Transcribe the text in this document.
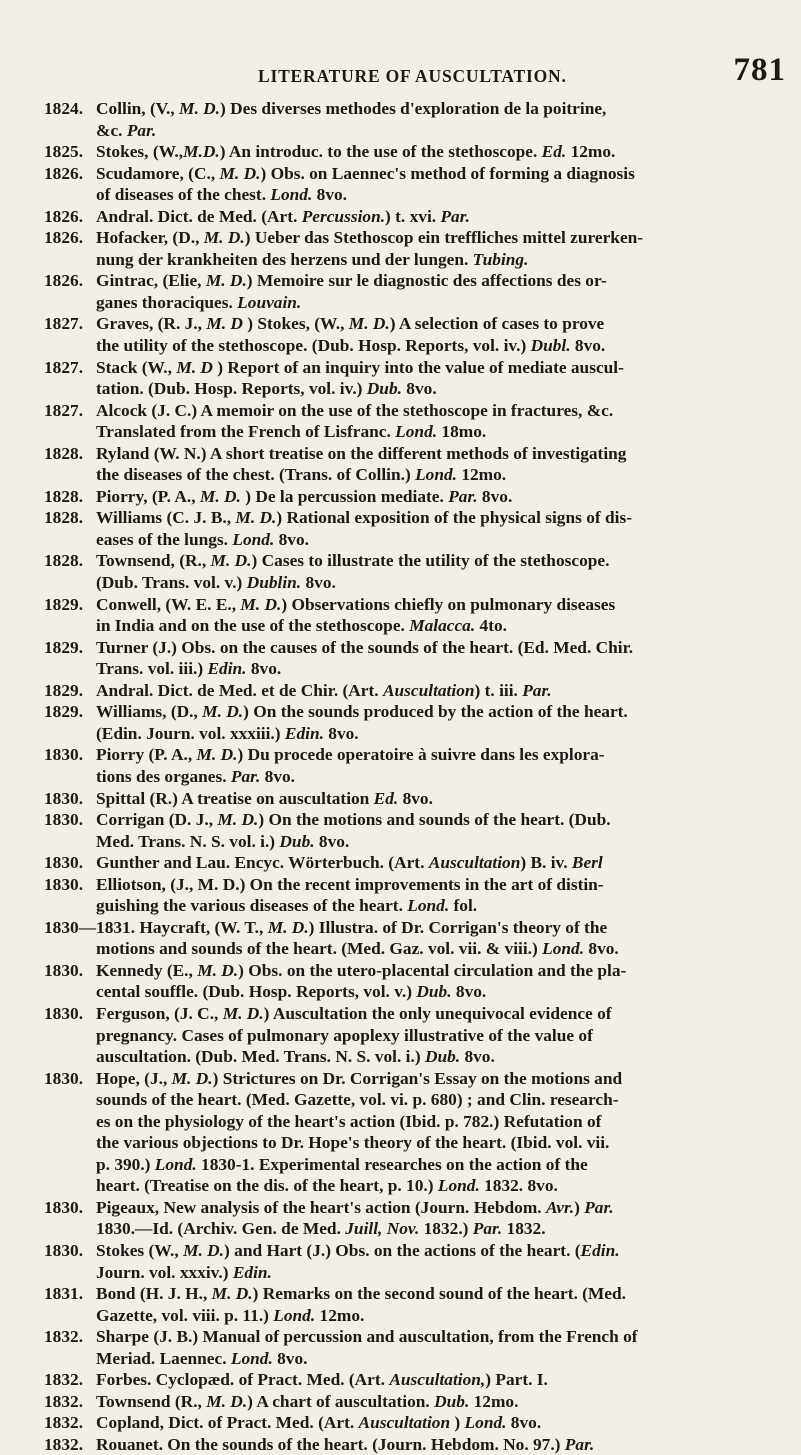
LITERATURE OF AUSCULTATION.	781
1824. Collin, (V., M. D.) Des diverses methodes d'exploration de la poitrine,
&c. Par.
1825. Stokes, (W.,M.D.) An introduc. to the use of the stethoscope. Ed. 12mo.
1826. Scudamore, (C., M. D.) Obs. on Laennec's method of forming a diagnosis
of diseases of the chest. Lond. 8vo.
1826. Andral. Dict. de Med. (Art. Percussion.) t. xvi. Par.
1826. Hofacker, (D., M. D.) Ueber das Stethoscop ein treffliches mittel zurerken-
nung der krankheiten des herzens und der lungen. Tubing.
1826. Gintrac, (Elie, M. D.) Memoire sur le diagnostic des affections des or-
ganes thoraciques. Louvain.
1827. Graves, (R. J., M. D ) Stokes, (W., M. D.) A selection of cases to prove
the utility of the stethoscope. (Dub. Hosp. Reports, vol. iv.) Dubl. 8vo.
1827. Stack (W., M. D ) Report of an inquiry into the value of mediate auscul-
tation. (Dub. Hosp. Reports, vol. iv.) Dub. 8vo.
1827. Alcock (J. C.) A memoir on the use of the stethoscope in fractures, &c.
Translated from the French of Lisfranc. Lond. 18mo.
1828. Ryland (W. N.) A short treatise on the different methods of investigating
the diseases of the chest. (Trans. of Collin.) Lond. 12mo.
1828. Piorry, (P. A., M. D. ) De la percussion mediate. Par. 8vo.
1828. Williams (C. J. B., M. D.) Rational exposition of the physical signs of dis-
eases of the lungs. Lond. 8vo.
1828. Townsend, (R., M. D.) Cases to illustrate the utility of the stethoscope.
(Dub. Trans. vol. v.) Dublin. 8vo.
1829. Conwell, (W. E. E., M. D.) Observations chiefly on pulmonary diseases
in India and on the use of the stethoscope. Malacca. 4to.
1829. Turner (J.) Obs. on the causes of the sounds of the heart. (Ed. Med. Chir.
Trans. vol. iii.) Edin. 8vo.
1829. Andral. Dict. de Med. et de Chir. (Art. Auscultation) t. iii. Par.
1829. Williams, (D., M. D.) On the sounds produced by the action of the heart.
(Edin. Journ. vol. xxxiii.) Edin. 8vo.
1830. Piorry (P. A., M. D.) Du procede operatoire à suivre dans les explora-
tions des organes. Par. 8vo.
1830. Spittal (R.) A treatise on auscultation Ed. 8vo.
1830. Corrigan (D. J., M. D.) On the motions and sounds of the heart. (Dub.
Med. Trans. N. S. vol. i.) Dub. 8vo.
1830. Gunther and Lau. Encyc. Wörterbuch. (Art. Auscultation) B. iv. Berl
1830. Elliotson, (J., M. D.) On the recent improvements in the art of distin-
guishing the various diseases of the heart. Lond. fol.
1830—1831. Haycraft, (W. T., M. D.) Illustra. of Dr. Corrigan's theory of the
motions and sounds of the heart. (Med. Gaz. vol. vii. & viii.) Lond. 8vo.
1830. Kennedy (E., M. D.) Obs. on the utero-placental circulation and the pla-
cental souffle. (Dub. Hosp. Reports, vol. v.) Dub. 8vo.
1830. Ferguson, (J. C., M. D.) Auscultation the only unequivocal evidence of
pregnancy. Cases of pulmonary apoplexy illustrative of the value of
auscultation. (Dub. Med. Trans. N. S. vol. i.) Dub. 8vo.
1830. Hope, (J., M. D.) Strictures on Dr. Corrigan's Essay on the motions and
sounds of the heart. (Med. Gazette, vol. vi. p. 680) ; and Clin. research-
es on the physiology of the heart's action (Ibid. p. 782.) Refutation of
the various objections to Dr. Hope's theory of the heart. (Ibid. vol. vii.
p. 390.) Lond. 1830-1. Experimental researches on the action of the
heart. (Treatise on the dis. of the heart, p. 10.) Lond. 1832. 8vo.
1830. Pigeaux, New analysis of the heart's action (Journ. Hebdom. Avr.) Par.
1830.—Id. (Archiv. Gen. de Med. Juill, Nov. 1832.) Par. 1832.
1830. Stokes (W., M. D.) and Hart (J.) Obs. on the actions of the heart. (Edin.
Journ. vol. xxxiv.) Edin.
1831. Bond (H. J. H., M. D.) Remarks on the second sound of the heart. (Med.
Gazette, vol. viii. p. 11.) Lond. 12mo.
1832. Sharpe (J. B.) Manual of percussion and auscultation, from the French of
Meriad. Laennec. Lond. 8vo.
1832. Forbes. Cyclopæd. of Pract. Med. (Art. Auscultation,) Part. I.
1832. Townsend (R., M. D.) A chart of auscultation. Dub. 12mo.
1832. Copland, Dict. of Pract. Med. (Art. Auscultation ) Lond. 8vo.
1832. Rouanet. On the sounds of the heart. (Journ. Hebdom. No. 97.) Par.
